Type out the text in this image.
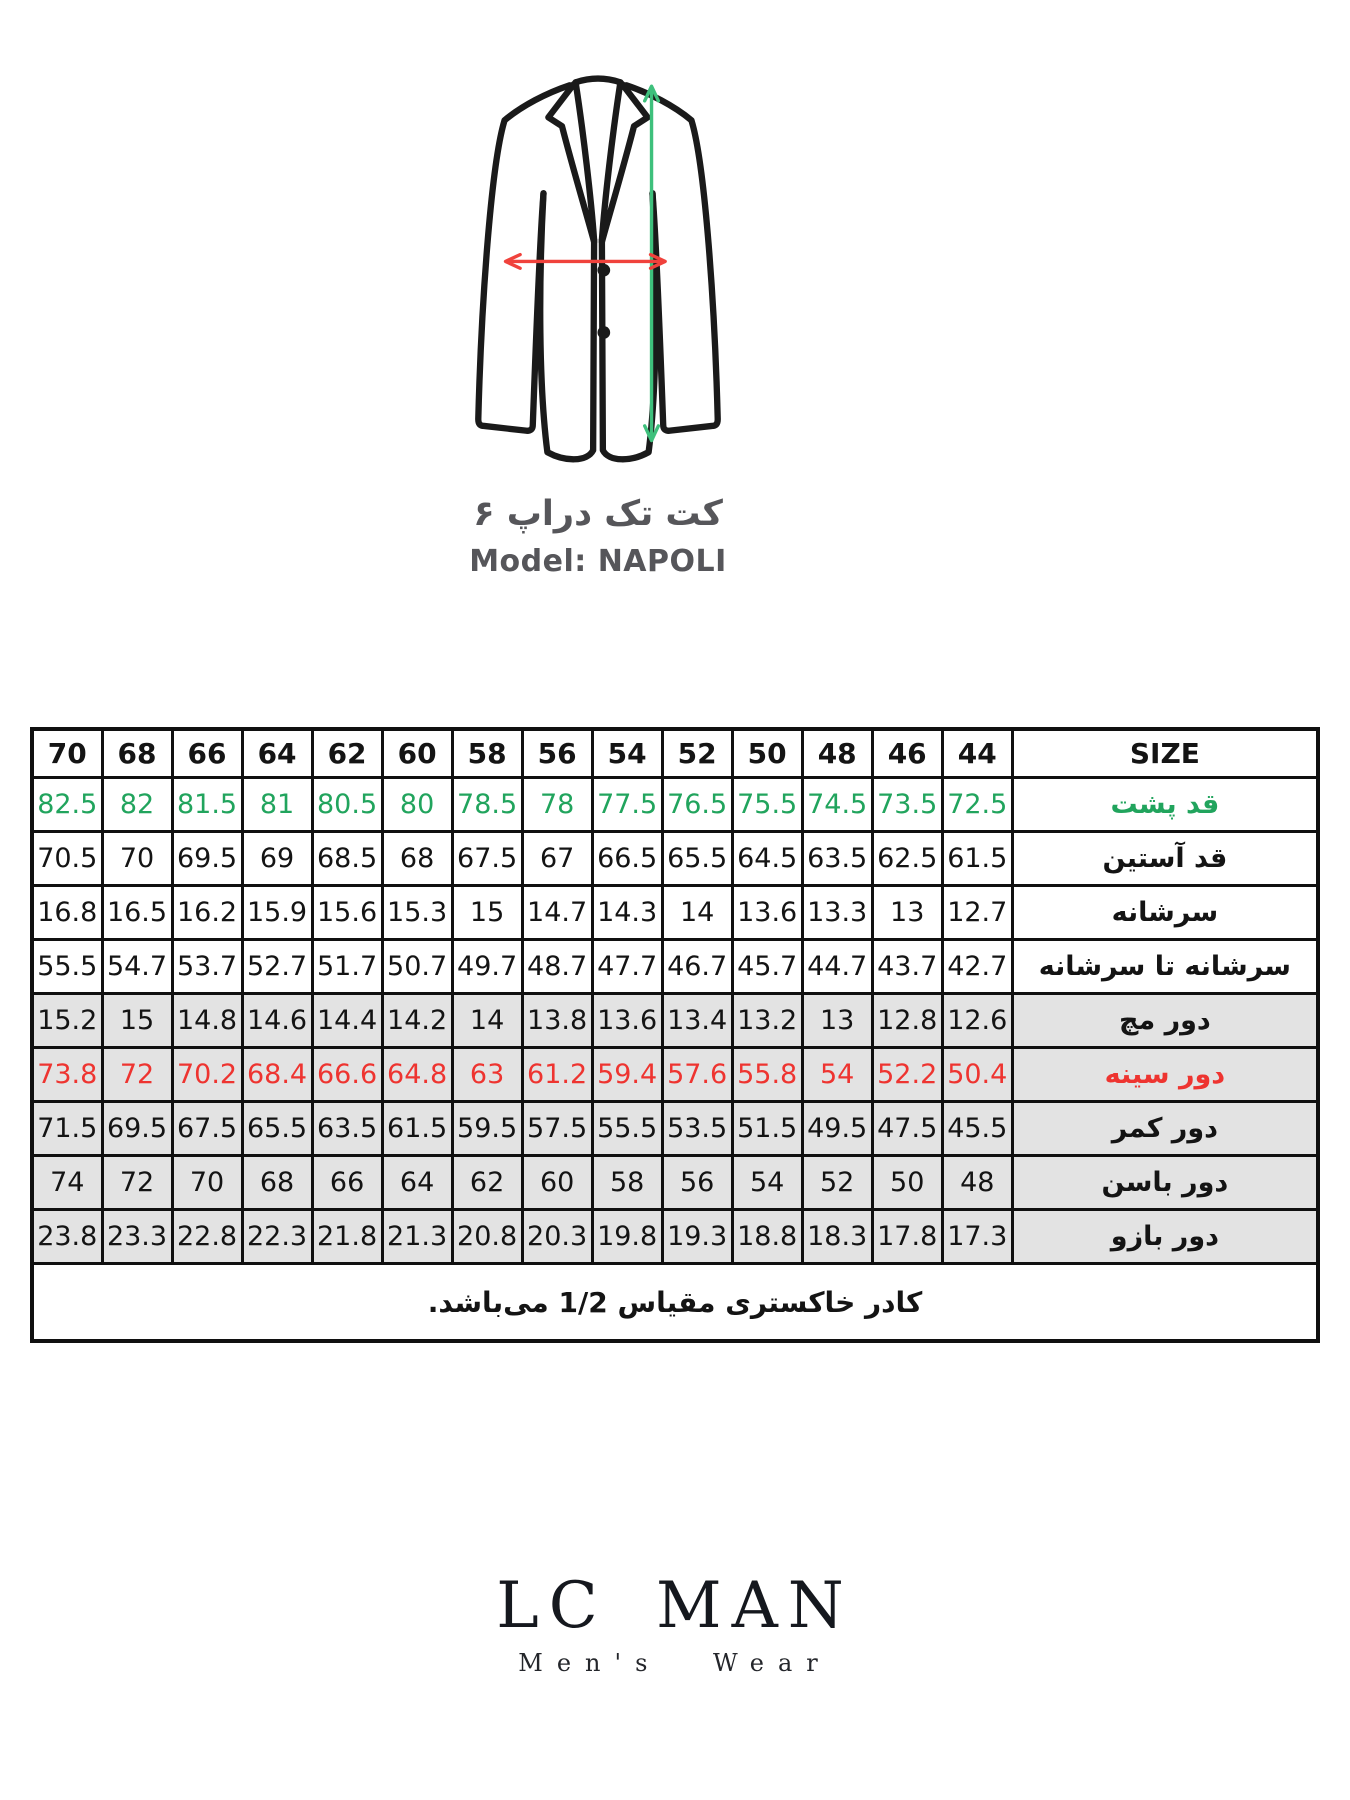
کت تک دراپ ۶
Model: NAPOLI
70	68	66	64	62	60	58	56	54	52	50	48	46	44	SIZE
82.5	82	81.5	81	80.5	80	78.5	78	77.5	76.5	75.5	74.5	73.5	72.5	قد پشت
70.5	70	69.5	69	68.5	68	67.5	67	66.5	65.5	64.5	63.5	62.5	61.5	قد آستین
16.8	16.5	16.2	15.9	15.6	15.3	15	14.7	14.3	14	13.6	13.3	13	12.7	سرشانه
55.5	54.7	53.7	52.7	51.7	50.7	49.7	48.7	47.7	46.7	45.7	44.7	43.7	42.7	سرشانه تا سرشانه
15.2	15	14.8	14.6	14.4	14.2	14	13.8	13.6	13.4	13.2	13	12.8	12.6	دور مچ
73.8	72	70.2	68.4	66.6	64.8	63	61.2	59.4	57.6	55.8	54	52.2	50.4	دور سینه
71.5	69.5	67.5	65.5	63.5	61.5	59.5	57.5	55.5	53.5	51.5	49.5	47.5	45.5	دور کمر
74	72	70	68	66	64	62	60	58	56	54	52	50	48	دور باسن
23.8	23.3	22.8	22.3	21.8	21.3	20.8	20.3	19.8	19.3	18.8	18.3	17.8	17.3	دور بازو
کادر خاکستری مقیاس 1/2 می‌باشد.														
LC MAN
Men's Wear
